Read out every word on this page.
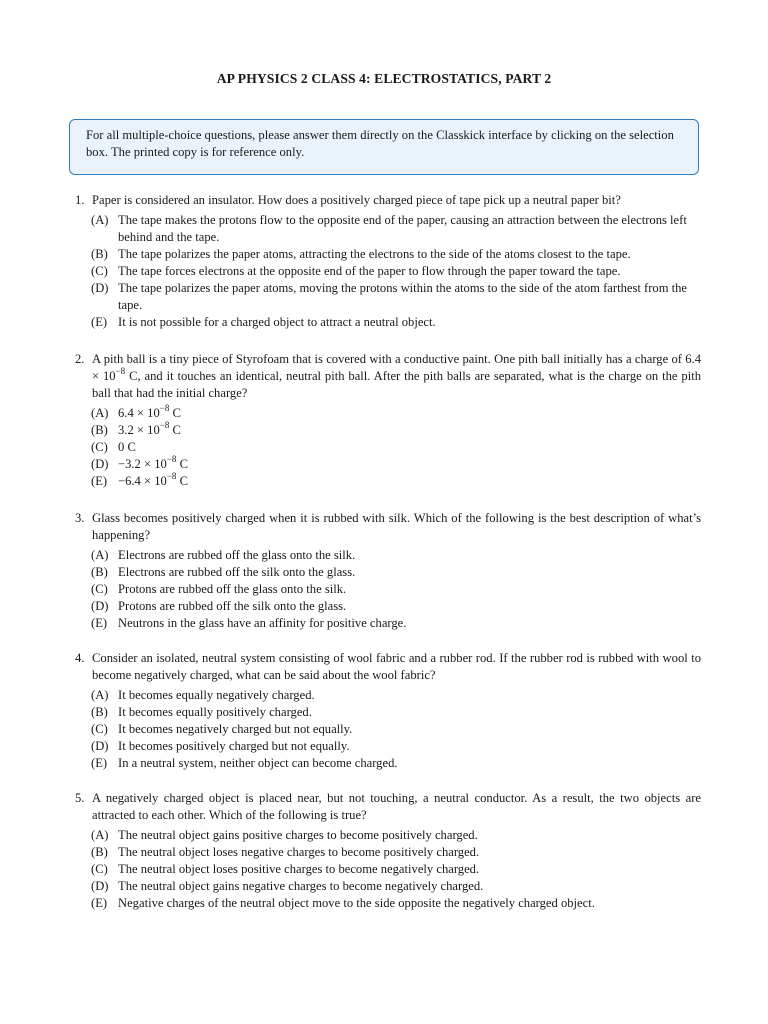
AP PHYSICS 2 CLASS 4: ELECTROSTATICS, PART 2
For all multiple-choice questions, please answer them directly on the Classkick interface by clicking on the selection box. The printed copy is for reference only.
1. Paper is considered an insulator. How does a positively charged piece of tape pick up a neutral paper bit?
(A) The tape makes the protons flow to the opposite end of the paper, causing an attraction between the electrons left behind and the tape.
(B) The tape polarizes the paper atoms, attracting the electrons to the side of the atoms closest to the tape.
(C) The tape forces electrons at the opposite end of the paper to flow through the paper toward the tape.
(D) The tape polarizes the paper atoms, moving the protons within the atoms to the side of the atom farthest from the tape.
(E) It is not possible for a charged object to attract a neutral object.
2. A pith ball is a tiny piece of Styrofoam that is covered with a conductive paint. One pith ball initially has a charge of $6.4 \times 10^{-8}$ C, and it touches an identical, neutral pith ball. After the pith balls are separated, what is the charge on the pith ball that had the initial charge?
(A) $6.4 \times 10^{-8}$ C
(B) $3.2 \times 10^{-8}$ C
(C) 0 C
$(D) -3.2 \times 10^{-8}$ C
$(E) -6.4 \times 10^{-8}$ C
3. Glass becomes positively charged when it is rubbed with silk. Which of the following is the best description of what’s happening?
(A) Electrons are rubbed off the glass onto the silk.
(B) Electrons are rubbed off the silk onto the glass.
(C) Protons are rubbed off the glass onto the silk.
(D) Protons are rubbed off the silk onto the glass.
(E) Neutrons in the glass have an affinity for positive charge.
4. Consider an isolated, neutral system consisting of wool fabric and a rubber rod. If the rubber rod is rubbed with wool to become negatively charged, what can be said about the wool fabric?
(A) It becomes equally negatively charged.
(B) It becomes equally positively charged.
(C) It becomes negatively charged but not equally.
(D) It becomes positively charged but not equally.
(E) In a neutral system, neither object can become charged.
5. A negatively charged object is placed near, but not touching, a neutral conductor. As a result, the two objects are attracted to each other. Which of the following is true?
(A) The neutral object gains positive charges to become positively charged.
(B) The neutral object loses negative charges to become positively charged.
(C) The neutral object loses positive charges to become negatively charged.
(D) The neutral object gains negative charges to become negatively charged.
(E) Negative charges of the neutral object move to the side opposite the negatively charged object.
